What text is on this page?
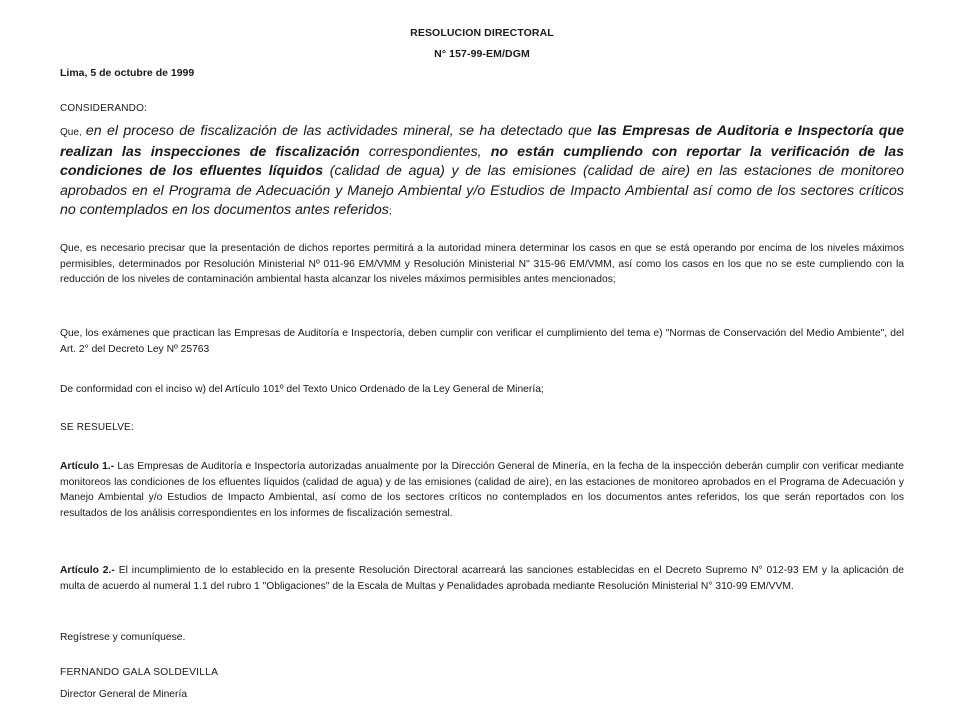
RESOLUCION DIRECTORAL
N° 157-99-EM/DGM
Lima, 5 de octubre de 1999
CONSIDERANDO:
Que, en el proceso de fiscalización de las actividades mineral, se ha detectado que las Empresas de Auditoria e Inspectoría que realizan las inspecciones de fiscalización correspondientes, no están cumpliendo con reportar la verificación de las condiciones de los efluentes líquidos (calidad de agua) y de las emisiones (calidad de aire) en las estaciones de monitoreo aprobados en el Programa de Adecuación y Manejo Ambiental y/o Estudios de Impacto Ambiental así como de los sectores críticos no contemplados en los documentos antes referidos;
Que, es necesario precisar que la presentación de dichos reportes permitirá a la autoridad minera determinar los casos en que se está operando por encima de los niveles máximos permisibles, determinados por Resolución Ministerial Nº 011-96 EM/VMM y Resolución Ministerial N" 315-96 EM/VMM, así como los casos en los que no se este cumpliendo con la reducción de los niveles de contaminación ambiental hasta alcanzar los niveles máximos permisibles antes mencionados;
Que, los exámenes que practican las Empresas de Auditoría e Inspectoría, deben cumplir con verificar el cumplimiento del tema e) "Normas de Conservación del Medio Ambiente", del Art. 2° del Decreto Ley Nº 25763
De conformidad con el inciso w) del Artículo 101º del Texto Unico Ordenado de la Ley General de Minería;
SE RESUELVE:
Artículo 1.- Las Empresas de Auditoría e Inspectoría autorizadas anualmente por la Dirección General de Minería, en la fecha de la inspección deberán cumplir con verificar mediante monitoreos las condiciones de los efluentes líquidos (calidad de agua) y de las emisiones (calidad de aire), en las estaciones de monitoreo aprobados en el Programa de Adecuación y Manejo Ambiental y/o Estudios de Impacto Ambiental, así como de los sectores críticos no contemplados en los documentos antes referidos, los que serán reportados con los resultados de los análisis correspondientes en los informes de fiscalización semestral.
Artículo 2.- El incumplimiento de lo establecido en la presente Resolución Directoral acarreará las sanciones establecidas en el Decreto Supremo N° 012-93 EM y la aplicación de multa de acuerdo al numeral 1.1 del rubro 1 "Obligaciones" de la Escala de Multas y Penalidades aprobada mediante Resolución Ministerial N° 310-99 EM/VVM.
Regístrese y comuníquese.
FERNANDO GALA SOLDEVILLA
Director General de Minería
